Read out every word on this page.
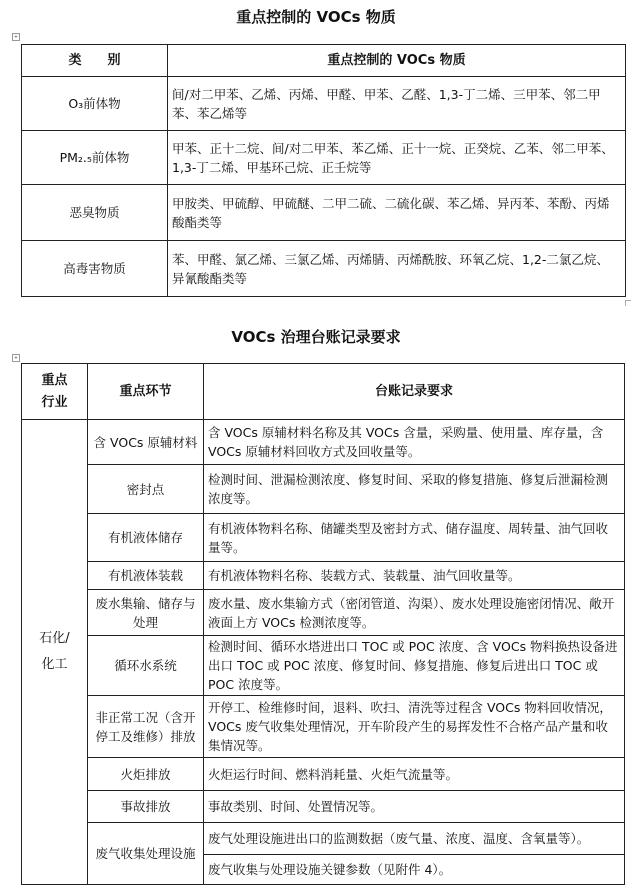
重点控制的 VOCs 物质
+
类　　别	重点控制的 VOCs 物质
O₃前体物	间/对二甲苯、乙烯、丙烯、甲醛、甲苯、乙醛、1,3-丁二烯、三甲苯、邻二甲苯、苯乙烯等
PM₂.₅前体物	甲苯、正十二烷、间/对二甲苯、苯乙烯、正十一烷、正癸烷、乙苯、邻二甲苯、1,3-丁二烯、甲基环己烷、正壬烷等
恶臭物质	甲胺类、甲硫醇、甲硫醚、二甲二硫、二硫化碳、苯乙烯、异丙苯、苯酚、丙烯酸酯类等
高毒害物质	苯、甲醛、氯乙烯、三氯乙烯、丙烯腈、丙烯酰胺、环氧乙烷、1,2-二氯乙烷、异氰酸酯类等
VOCs 治理台账记录要求
+
重点
行业	重点环节	台账记录要求

石化/
化工	含 VOCs 原辅材料	含 VOCs 原辅材料名称及其 VOCs 含量，采购量、使用量、库存量，含 VOCs 原辅材料回收方式及回收量等。
	密封点	检测时间、泄漏检测浓度、修复时间、采取的修复措施、修复后泄漏检测浓度等。
	有机液体储存	有机液体物料名称、储罐类型及密封方式、储存温度、周转量、油气回收量等。
	有机液体装载	有机液体物料名称、装载方式、装载量、油气回收量等。
	废水集输、储存与处理	废水量、废水集输方式（密闭管道、沟渠）、废水处理设施密闭情况、敞开液面上方 VOCs 检测浓度等。
	循环水系统	检测时间、循环水塔进出口 TOC 或 POC 浓度、含 VOCs 物料换热设备进出口 TOC 或 POC 浓度、修复时间、修复措施、修复后进出口 TOC 或 POC 浓度等。
	非正常工况（含开停工及维修）排放	开停工、检维修时间，退料、吹扫、清洗等过程含 VOCs 物料回收情况，VOCs 废气收集处理情况，开车阶段产生的易挥发性不合格产品产量和收集情况等。
	火炬排放	火炬运行时间、燃料消耗量、火炬气流量等。
	事故排放	事故类别、时间、处置情况等。
	废气收集处理设施	废气处理设施进出口的监测数据（废气量、浓度、温度、含氧量等）。
		废气收集与处理设施关键参数（见附件 4）。
